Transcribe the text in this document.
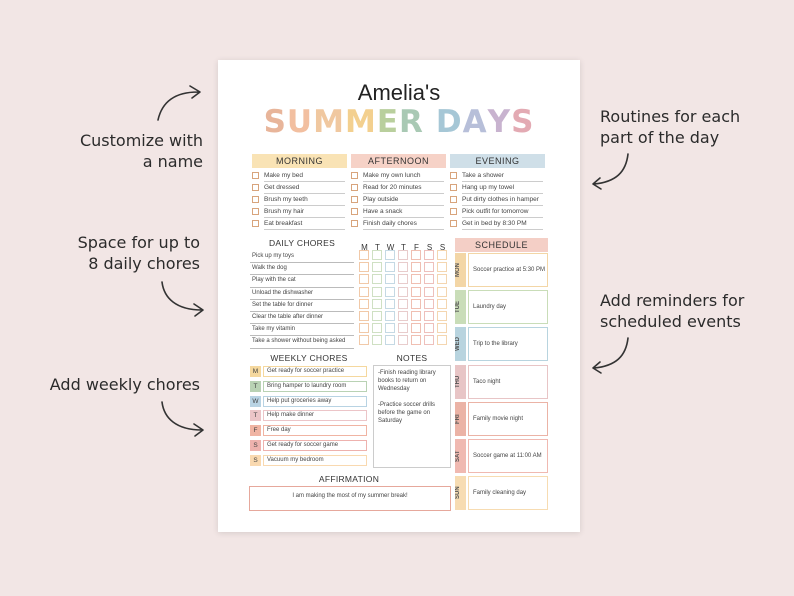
Customize with
a name
Routines for each
part of the day
Space for up to
8 daily chores
Add reminders for
scheduled events
Add weekly chores
Amelia's
SUMMER DAYS
MORNING
Make my bed
Get dressed
Brush my teeth
Brush my hair
Eat breakfast
AFTERNOON
Make my own lunch
Read for 20 minutes
Play outside
Have a snack
Finish daily chores
EVENING
Take a shower
Hang up my towel
Put dirty clothes in hamper
Pick outfit for tomorrow
Get in bed by 8:30 PM
DAILY CHORES	M T W T F S S
Pick up my toys
Walk the dog
Play with the cat
Unload the dishwasher
Set the table for dinner
Clear the table after dinner
Take my vitamin
Take a shower without being asked
SCHEDULE
MON	Soccer practice at 5:30 PM
TUE	Laundry day
WED	Trip to the library
THU	Taco night
FRI	Family movie night
SAT	Soccer game at 11:00 AM
SUN	Family cleaning day
WEEKLY CHORES
M	Get ready for soccer practice
T	Bring hamper to laundry room
W	Help put groceries away
T	Help make dinner
F	Free day
S	Get ready for soccer game
S	Vacuum my bedroom
NOTES
-Finish reading library books to return on Wednesday
-Practice soccer drills before the game on Saturday
AFFIRMATION
I am making the most of my summer break!
